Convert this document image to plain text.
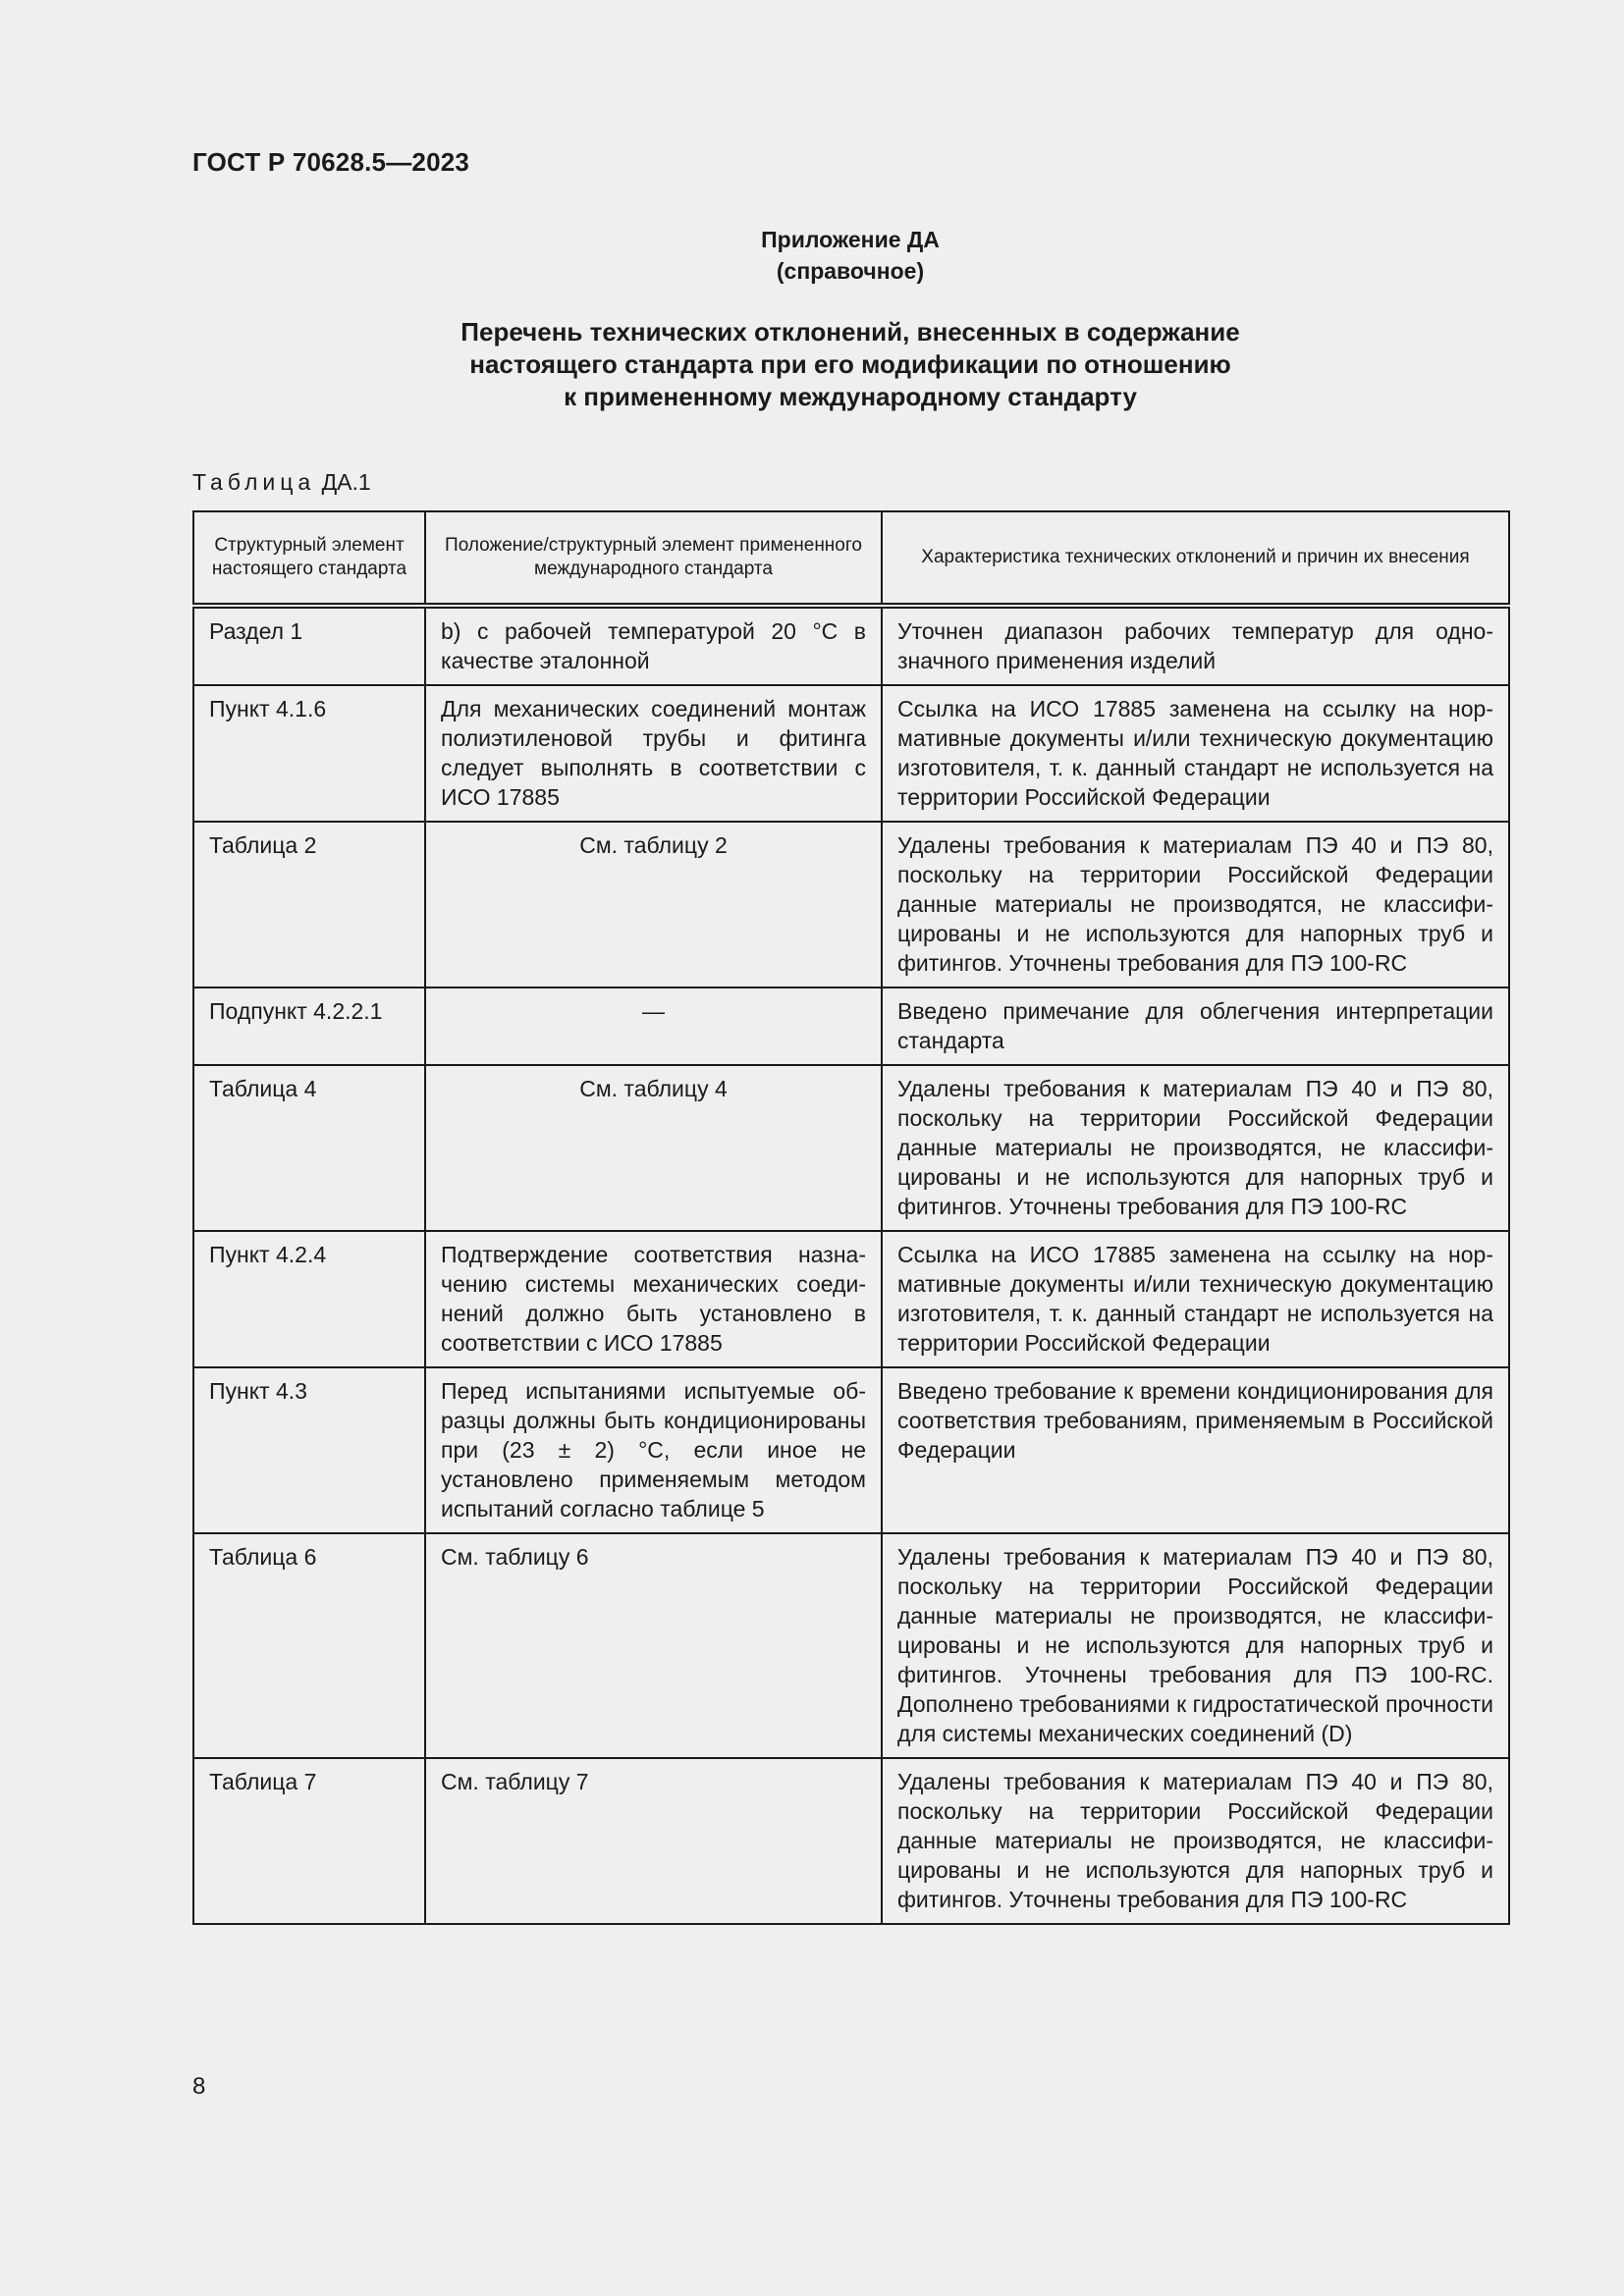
ГОСТ Р 70628.5—2023
Приложение ДА
(справочное)
Перечень технических отклонений, внесенных в содержание
настоящего стандарта при его модификации по отношению
к примененному международному стандарту
Таблица ДА.1
Структурный элемент настоящего стандарта	Положение/структурный элемент примененного международного стандарта	Характеристика технических отклонений и причин их внесения
Раздел 1	b) с рабочей температурой 20 °С в качестве эталонной	Уточнен диапазон рабочих температур для однозначного применения изделий
Пункт 4.1.6	Для механических соединений монтаж полиэтиленовой трубы и фитинга следует выполнять в соответствии с ИСО 17885	Ссылка на ИСО 17885 заменена на ссылку на нормативные документы и/или техническую документацию изготовителя, т. к. данный стандарт не используется на территории Российской Федерации
Таблица 2	См. таблицу 2	Удалены требования к материалам ПЭ 40 и ПЭ 80, поскольку на территории Российской Федерации данные материалы не производятся, не классифицированы и не используются для напорных труб и фитингов. Уточнены требования для ПЭ 100-RC
Подпункт 4.2.2.1	—	Введено примечание для облегчения интерпретации стандарта
Таблица 4	См. таблицу 4	Удалены требования к материалам ПЭ 40 и ПЭ 80, поскольку на территории Российской Федерации данные материалы не производятся, не классифицированы и не используются для напорных труб и фитингов. Уточнены требования для ПЭ 100-RC
Пункт 4.2.4	Подтверждение соответствия назначению системы механических соединений должно быть установлено в соответствии с ИСО 17885	Ссылка на ИСО 17885 заменена на ссылку на нормативные документы и/или техническую документацию изготовителя, т. к. данный стандарт не используется на территории Российской Федерации
Пункт 4.3	Перед испытаниями испытуемые образцы должны быть кондиционированы при (23 ± 2) °С, если иное не установлено применяемым методом испытаний согласно таблице 5	Введено требование к времени кондиционирования для соответствия требованиям, применяемым в Российской Федерации
Таблица 6	См. таблицу 6	Удалены требования к материалам ПЭ 40 и ПЭ 80, поскольку на территории Российской Федерации данные материалы не производятся, не классифицированы и не используются для напорных труб и фитингов. Уточнены требования для ПЭ 100-RC. Дополнено требованиями к гидростатической прочности для системы механических соединений (D)
Таблица 7	См. таблицу 7	Удалены требования к материалам ПЭ 40 и ПЭ 80, поскольку на территории Российской Федерации данные материалы не производятся, не классифицированы и не используются для напорных труб и фитингов. Уточнены требования для ПЭ 100-RC
8
